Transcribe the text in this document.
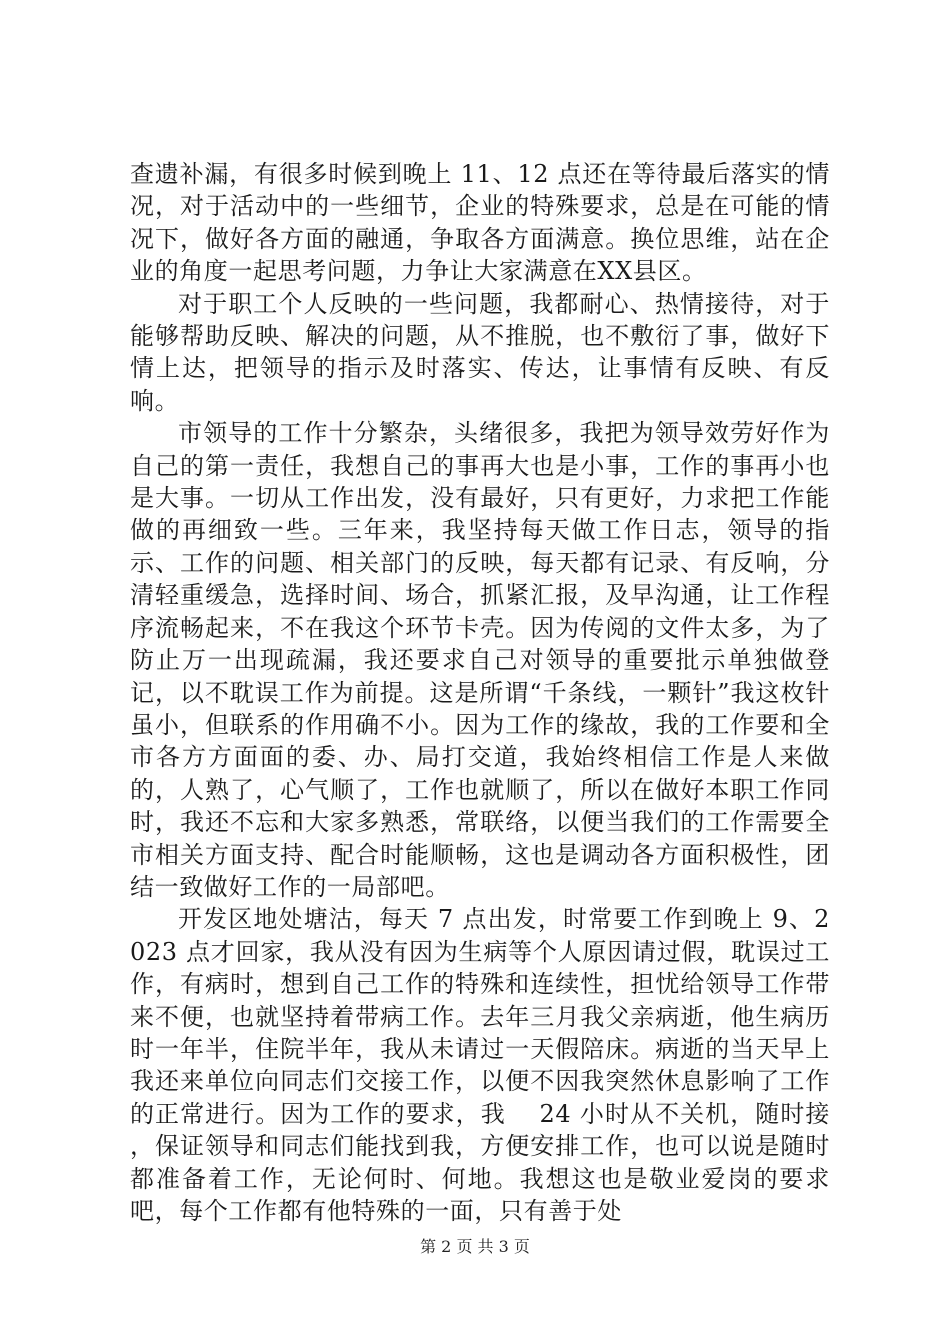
查遗补漏，有很多时候到晚上 11、12 点还在等待最后落实的情况，对于活动中的一些细节，企业的特殊要求，总是在可能的情况下，做好各方面的融通，争取各方面满意。换位思维，站在企业的角度一起思考问题，力争让大家满意在XX县区。

对于职工个人反映的一些问题，我都耐心、热情接待，对于能够帮助反映、解决的问题，从不推脱，也不敷衍了事，做好下情上达，把领导的指示及时落实、传达，让事情有反映、有反响。

市领导的工作十分繁杂，头绪很多，我把为领导效劳好作为自己的第一责任，我想自己的事再大也是小事，工作的事再小也是大事。一切从工作出发，没有最好，只有更好，力求把工作能做的再细致一些。三年来，我坚持每天做工作日志，领导的指示、工作的问题、相关部门的反映，每天都有记录、有反响，分清轻重缓急，选择时间、场合，抓紧汇报，及早沟通，让工作程序流畅起来，不在我这个环节卡壳。因为传阅的文件太多，为了防止万一出现疏漏，我还要求自己对领导的重要批示单独做登记，以不耽误工作为前提。这是所谓“千条线，一颗针”我这枚针虽小，但联系的作用确不小。因为工作的缘故，我的工作要和全市各方方面面的委、办、局打交道，我始终相信工作是人来做的，人熟了，心气顺了，工作也就顺了，所以在做好本职工作同时，我还不忘和大家多熟悉，常联络，以便当我们的工作需要全市相关方面支持、配合时能顺畅，这也是调动各方面积极性，团结一致做好工作的一局部吧。

开发区地处塘沽，每天 7 点出发，时常要工作到晚上 9、2023 点才回家，我从没有因为生病等个人原因请过假，耽误过工作，有病时，想到自己工作的特殊和连续性，担忧给领导工作带来不便，也就坚持着带病工作。去年三月我父亲病逝，他生病历时一年半，住院半年，我从未请过一天假陪床。病逝的当天早上我还来单位向同志们交接工作，以便不因我突然休息影响了工作的正常进行。因为工作的要求，我　 24 小时从不关机，随时接　 ，保证领导和同志们能找到我，方便安排工作，也可以说是随时都准备着工作，无论何时、何地。我想这也是敬业爱岗的要求吧，每个工作都有他特殊的一面，只有善于处

第 2 页 共 3 页
